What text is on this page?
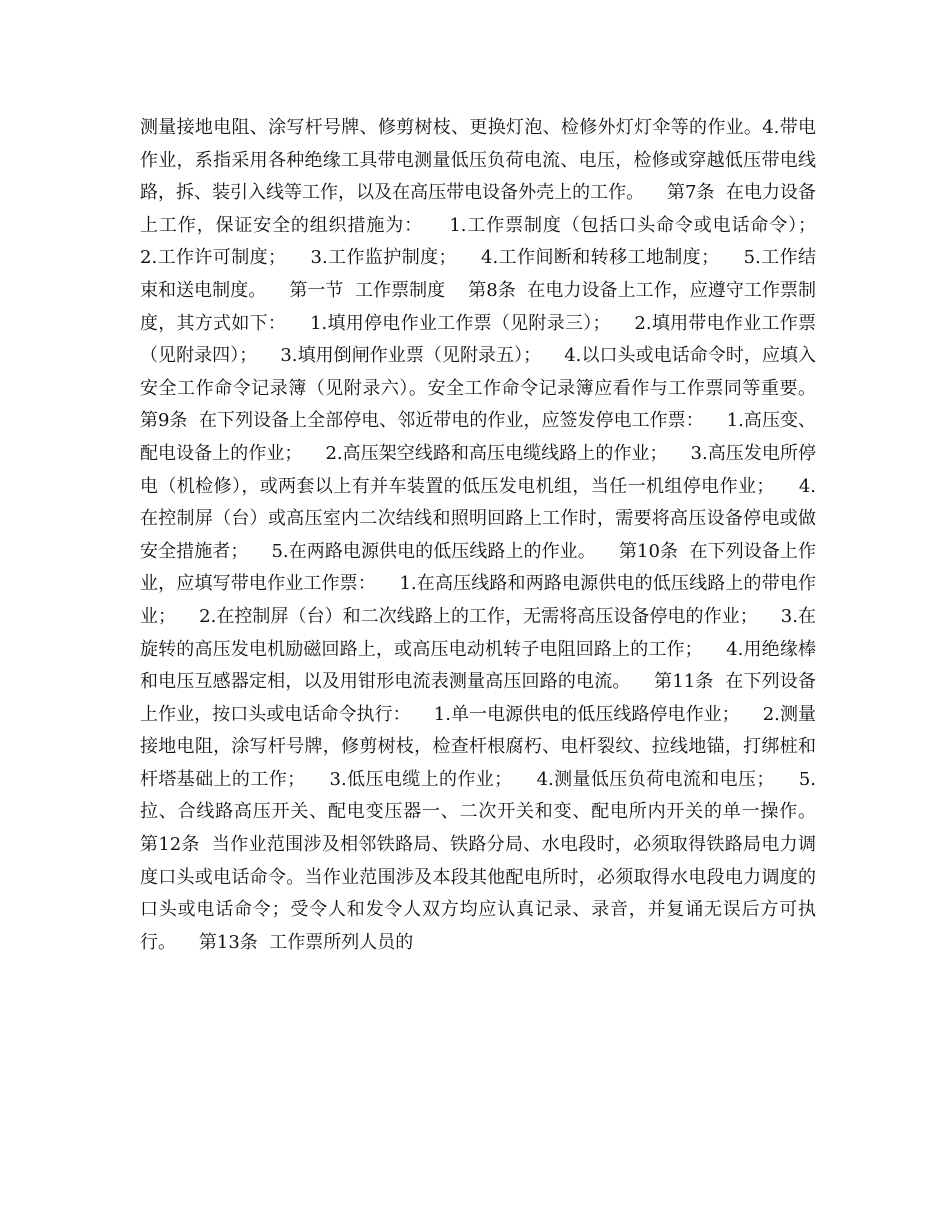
测量接地电阻、涂写杆号牌、修剪树枝、更换灯泡、检修外灯灯伞等的作业。4.带电作业，系指采用各种绝缘工具带电测量低压负荷电流、电压，检修或穿越低压带电线路，拆、装引入线等工作，以及在高压带电设备外壳上的工作。    第7条  在电力设备上工作，保证安全的组织措施为：    1.工作票制度（包括口头命令或电话命令）；    2.工作许可制度；    3.工作监护制度；    4.工作间断和转移工地制度；    5.工作结束和送电制度。    第一节  工作票制度    第8条  在电力设备上工作，应遵守工作票制度，其方式如下：    1.填用停电作业工作票（见附录三）；    2.填用带电作业工作票（见附录四）；    3.填用倒闸作业票（见附录五）；    4.以口头或电话命令时，应填入安全工作命令记录簿（见附录六）。安全工作命令记录簿应看作与工作票同等重要。    第9条  在下列设备上全部停电、邻近带电的作业，应签发停电工作票：    1.高压变、配电设备上的作业；    2.高压架空线路和高压电缆线路上的作业；    3.高压发电所停电（机检修），或两套以上有并车装置的低压发电机组，当任一机组停电作业；    4.在控制屏（台）或高压室内二次结线和照明回路上工作时，需要将高压设备停电或做安全措施者；    5.在两路电源供电的低压线路上的作业。    第10条  在下列设备上作业，应填写带电作业工作票：    1.在高压线路和两路电源供电的低压线路上的带电作业；    2.在控制屏（台）和二次线路上的工作，无需将高压设备停电的作业；    3.在旋转的高压发电机励磁回路上，或高压电动机转子电阻回路上的工作；    4.用绝缘棒和电压互感器定相，以及用钳形电流表测量高压回路的电流。    第11条  在下列设备上作业，按口头或电话命令执行：    1.单一电源供电的低压线路停电作业；    2.测量接地电阻，涂写杆号牌，修剪树枝，检查杆根腐朽、电杆裂纹、拉线地锚，打绑桩和杆塔基础上的工作；    3.低压电缆上的作业；    4.测量低压负荷电流和电压；    5.拉、合线路高压开关、配电变压器一、二次开关和变、配电所内开关的单一操作。    第12条  当作业范围涉及相邻铁路局、铁路分局、水电段时，必须取得铁路局电力调度口头或电话命令。当作业范围涉及本段其他配电所时，必须取得水电段电力调度的口头或电话命令；受令人和发令人双方均应认真记录、录音，并复诵无误后方可执行。    第13条  工作票所列人员的
